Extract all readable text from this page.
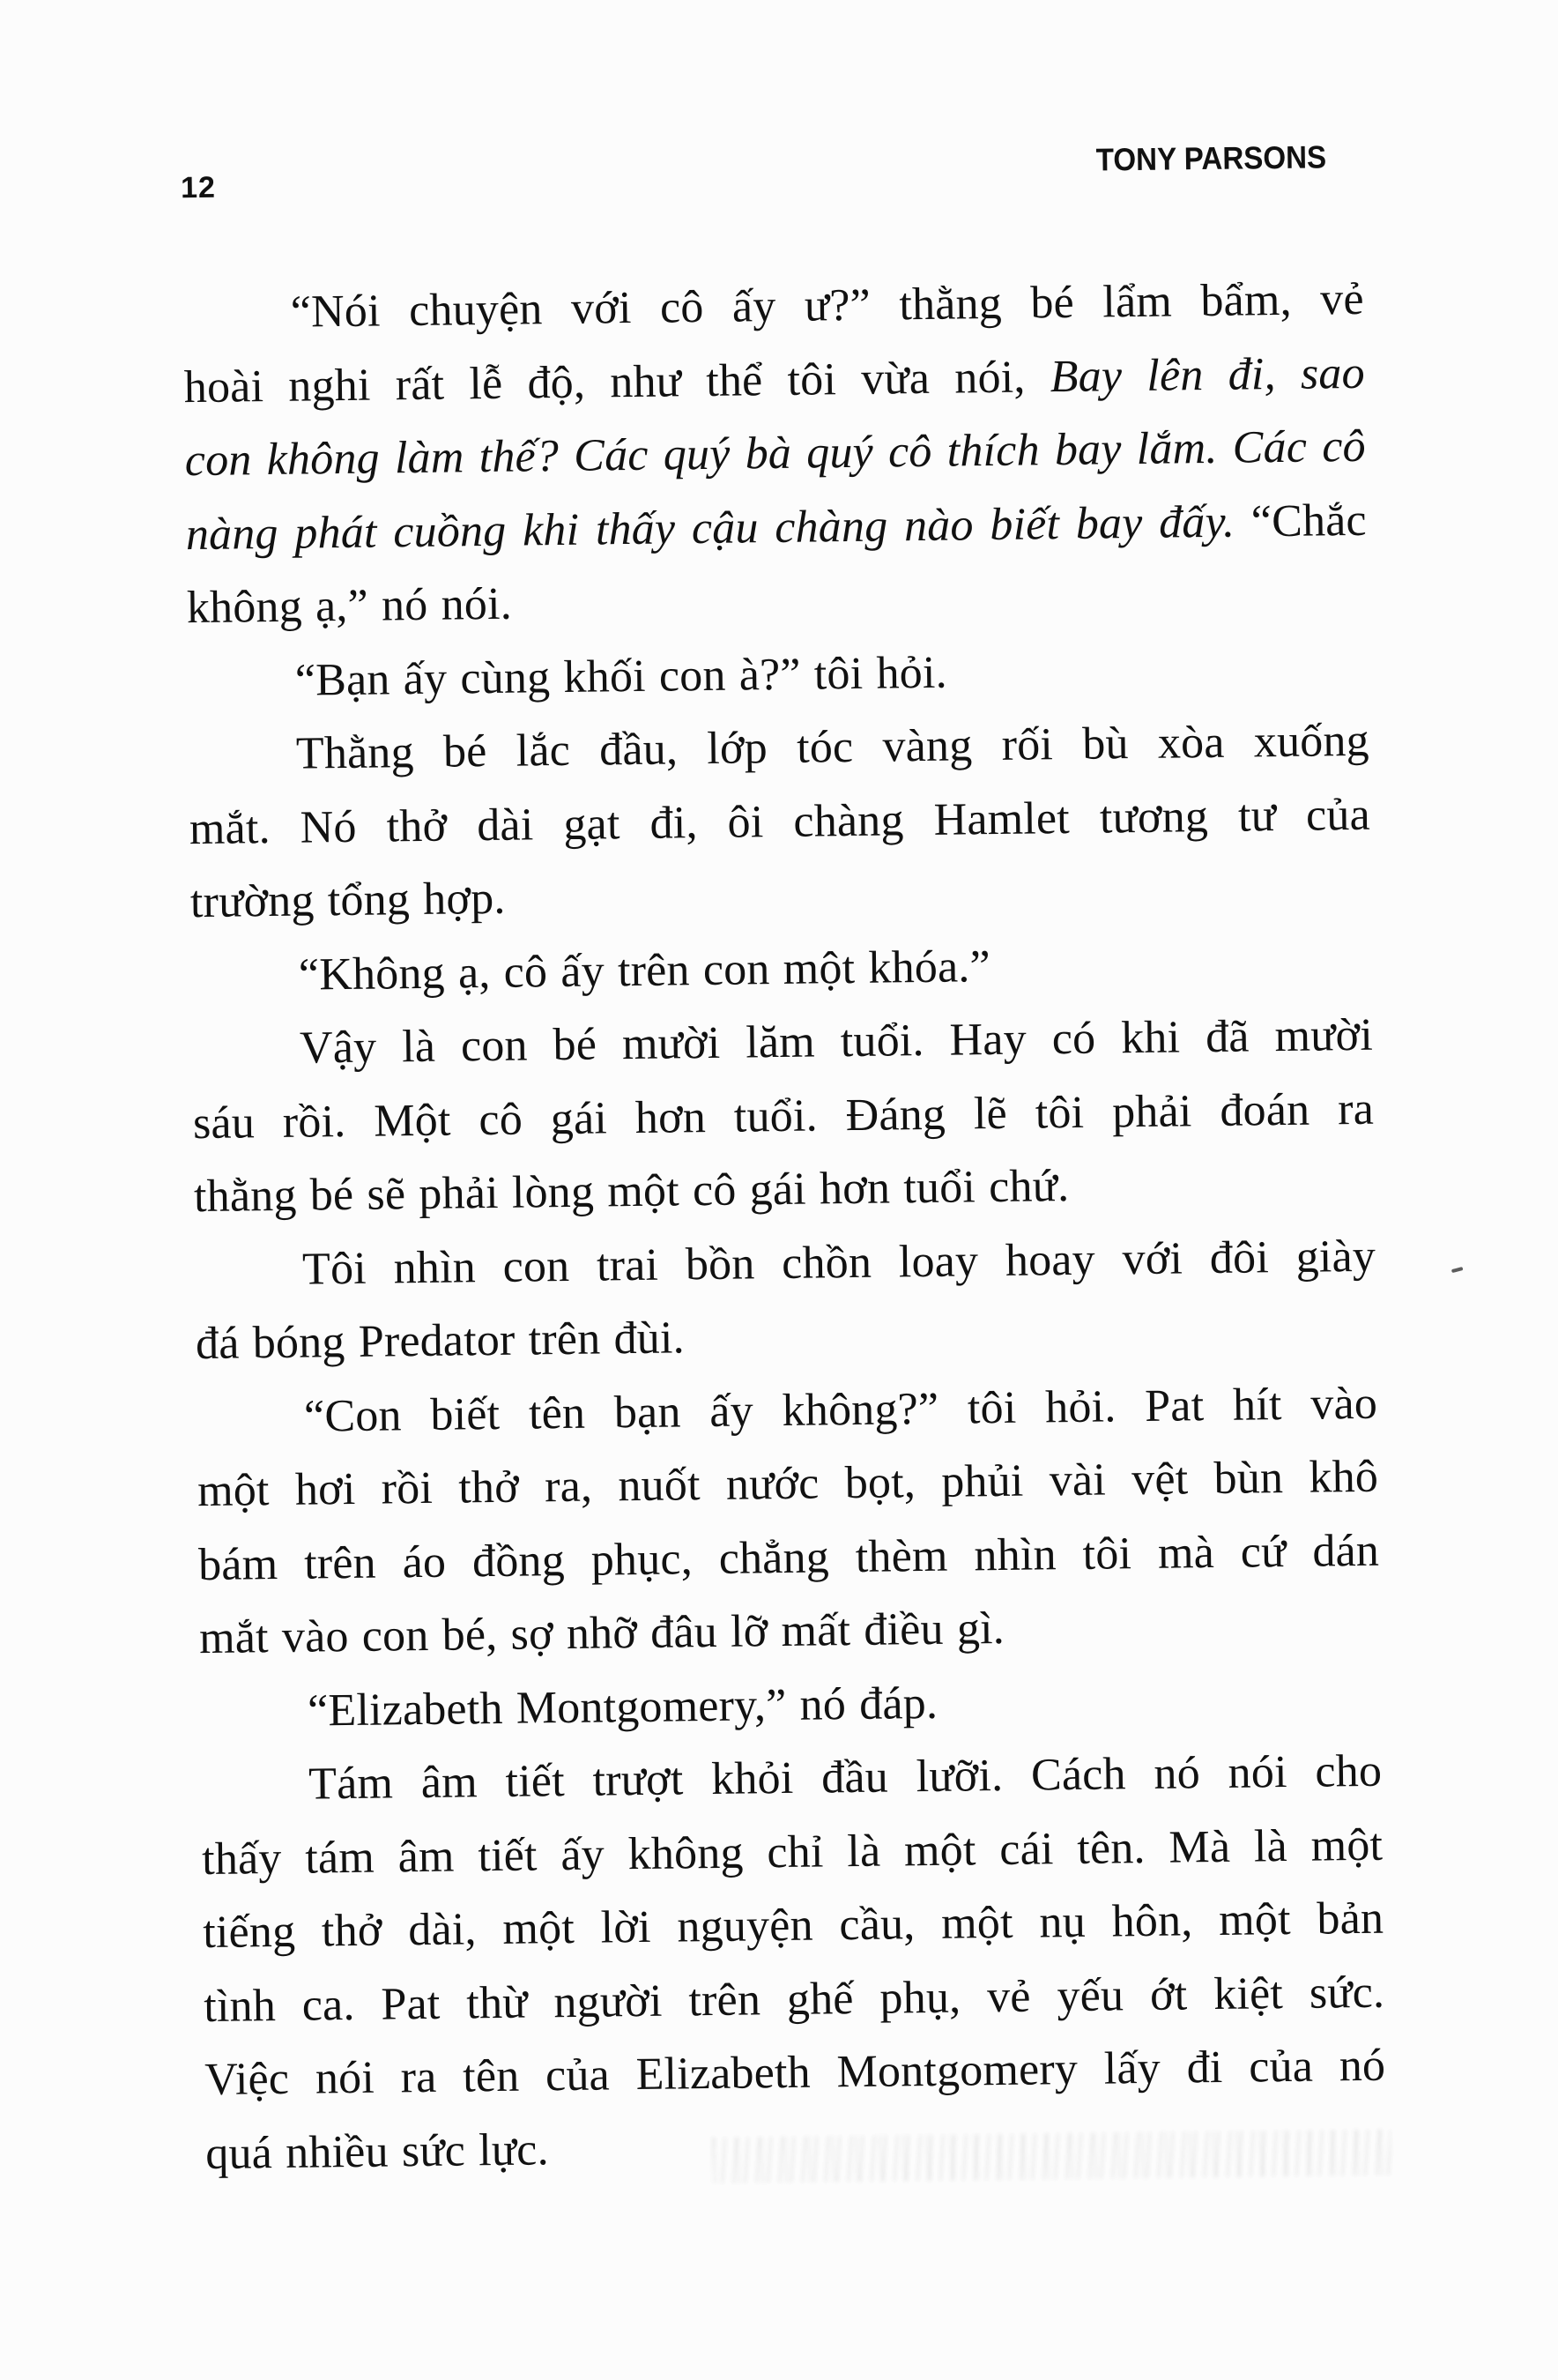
12
TONY PARSONS
“Nói chuyện với cô ấy ư?” thằng bé lẩm bẩm, vẻ
hoài nghi rất lễ độ, như thể tôi vừa nói, Bay lên đi, sao
con không làm thế? Các quý bà quý cô thích bay lắm. Các cô
nàng phát cuồng khi thấy cậu chàng nào biết bay đấy. “Chắc
không ạ,” nó nói.
“Bạn ấy cùng khối con à?” tôi hỏi.
Thằng bé lắc đầu, lớp tóc vàng rối bù xòa xuống
mắt. Nó thở dài gạt đi, ôi chàng Hamlet tương tư của
trường tổng hợp.
“Không ạ, cô ấy trên con một khóa.”
Vậy là con bé mười lăm tuổi. Hay có khi đã mười
sáu rồi. Một cô gái hơn tuổi. Đáng lẽ tôi phải đoán ra
thằng bé sẽ phải lòng một cô gái hơn tuổi chứ.
Tôi nhìn con trai bồn chồn loay hoay với đôi giày
đá bóng Predator trên đùi.
“Con biết tên bạn ấy không?” tôi hỏi. Pat hít vào
một hơi rồi thở ra, nuốt nước bọt, phủi vài vệt bùn khô
bám trên áo đồng phục, chẳng thèm nhìn tôi mà cứ dán
mắt vào con bé, sợ nhỡ đâu lỡ mất điều gì.
“Elizabeth Montgomery,” nó đáp.
Tám âm tiết trượt khỏi đầu lưỡi. Cách nó nói cho
thấy tám âm tiết ấy không chỉ là một cái tên. Mà là một
tiếng thở dài, một lời nguyện cầu, một nụ hôn, một bản
tình ca. Pat thừ người trên ghế phụ, vẻ yếu ớt kiệt sức.
Việc nói ra tên của Elizabeth Montgomery lấy đi của nó
quá nhiều sức lực.
